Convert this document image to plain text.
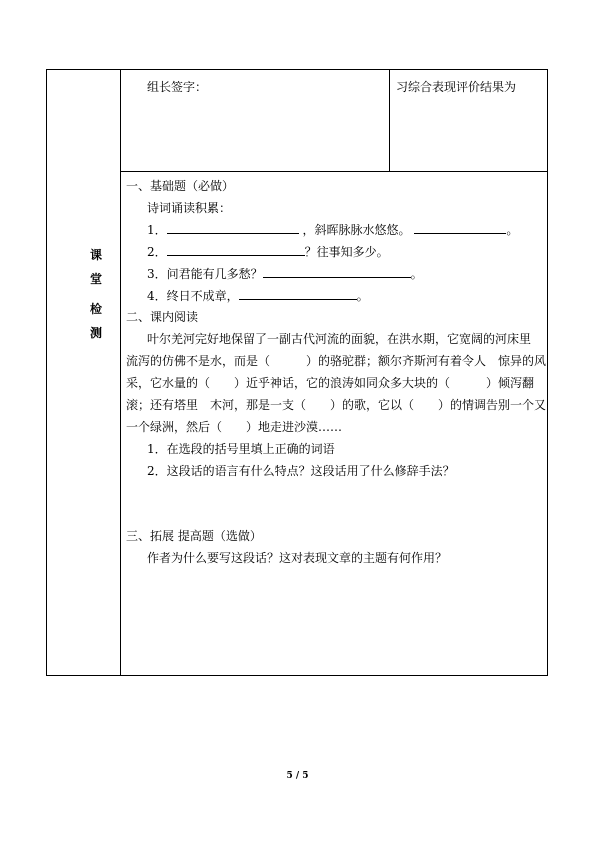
组长签字：	习综合表现评价结果为
课
堂
检
测
一、基础题（必做）
诗词诵读积累：
1．	，斜晖脉脉水悠悠。	。
2．	？往事知多少。
3．问君能有几多愁？	。
4．终日不成章，	。
二、课内阅读
叶尔羌河完好地保留了一副古代河流的面貌，在洪水期，它宽阔的河床里
流泻的仿佛不是水，而是（　　　）的骆驼群；额尔齐斯河有着令人　惊异的风
采，它水量的（　　）近乎神话，它的浪涛如同众多大块的（　　　）倾泻翻
滚；还有塔里　木河，那是一支（　　）的歌，它以（　　）的情调告别一个又
一个绿洲，然后（　　）地走进沙漠……
1．在选段的括号里填上正确的词语
2．这段话的语言有什么特点？这段话用了什么修辞手法？
三、拓展 提高题（选做）
作者为什么要写这段话？这对表现文章的主题有何作用？
5 / 5
